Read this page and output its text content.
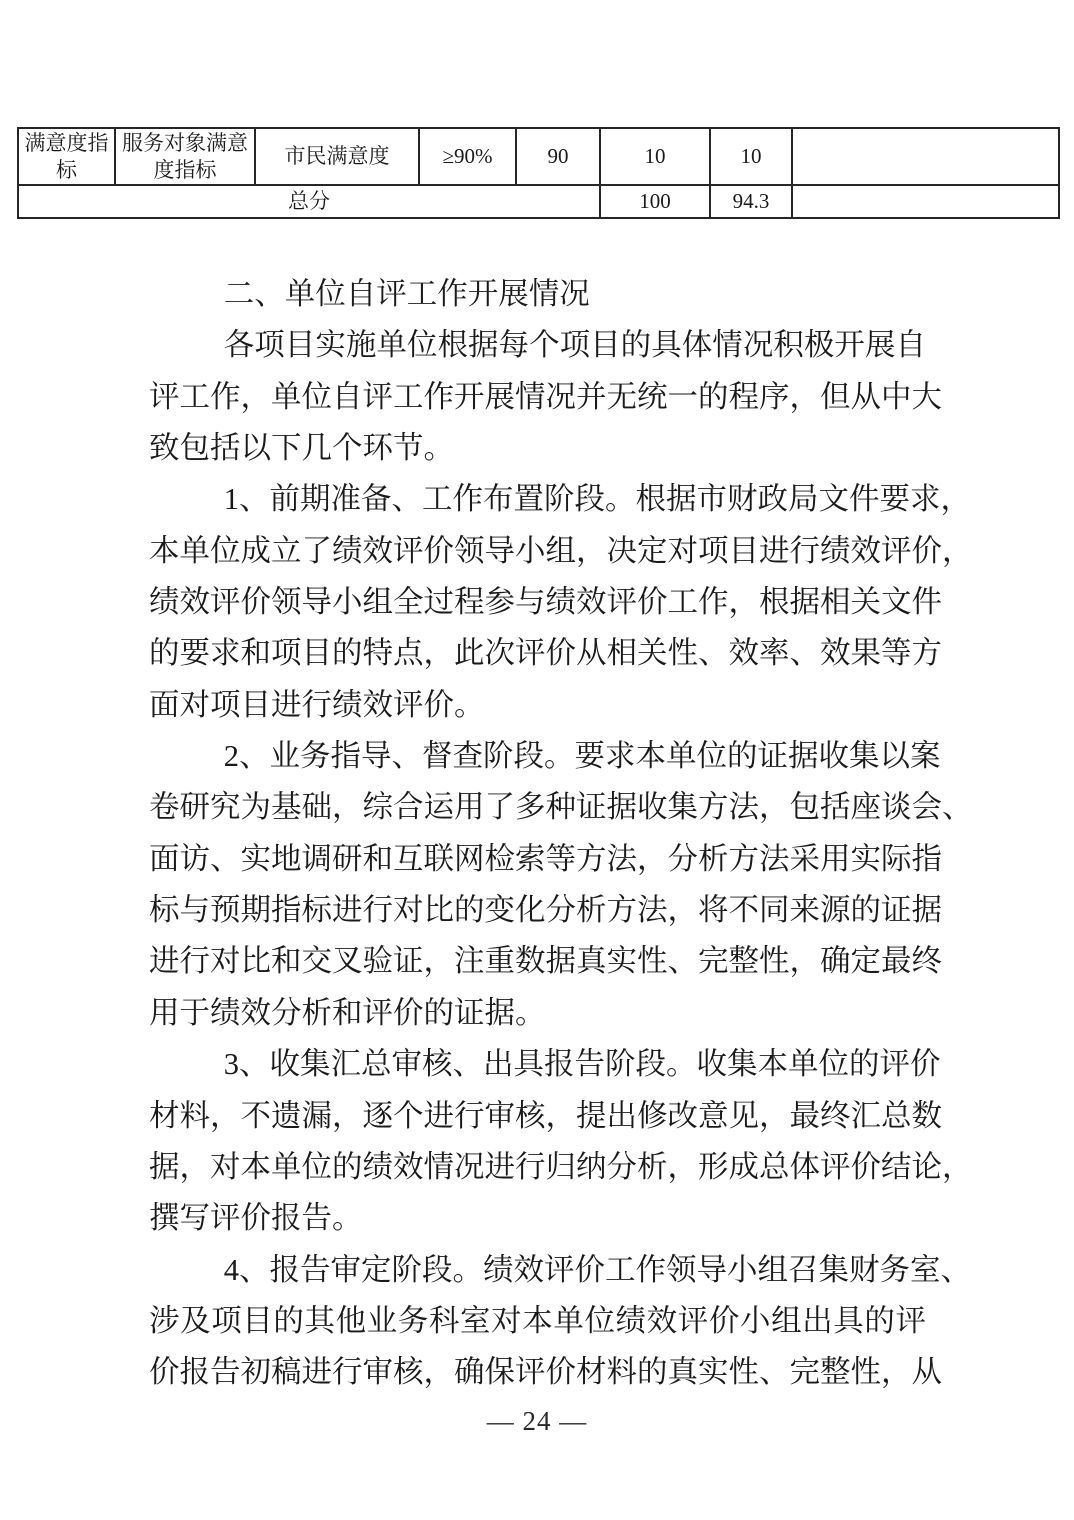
满意度指标	服务对象满意度指标	市民满意度	≥90%	90	10	10	
总分					100	94.3	
二、单位自评工作开展情况
各项目实施单位根据每个项目的具体情况积极开展自
评工作，单位自评工作开展情况并无统一的程序，但从中大
致包括以下几个环节。
1、前期准备、工作布置阶段。根据市财政局文件要求，
本单位成立了绩效评价领导小组，决定对项目进行绩效评价，
绩效评价领导小组全过程参与绩效评价工作，根据相关文件
的要求和项目的特点，此次评价从相关性、效率、效果等方
面对项目进行绩效评价。
2、业务指导、督查阶段。要求本单位的证据收集以案
卷研究为基础，综合运用了多种证据收集方法，包括座谈会、
面访、实地调研和互联网检索等方法，分析方法采用实际指
标与预期指标进行对比的变化分析方法，将不同来源的证据
进行对比和交叉验证，注重数据真实性、完整性，确定最终
用于绩效分析和评价的证据。
3、收集汇总审核、出具报告阶段。收集本单位的评价
材料，不遗漏，逐个进行审核，提出修改意见，最终汇总数
据，对本单位的绩效情况进行归纳分析，形成总体评价结论，
撰写评价报告。
4、报告审定阶段。绩效评价工作领导小组召集财务室、
涉及项目的其他业务科室对本单位绩效评价小组出具的评
价报告初稿进行审核，确保评价材料的真实性、完整性，从
— 24 —
